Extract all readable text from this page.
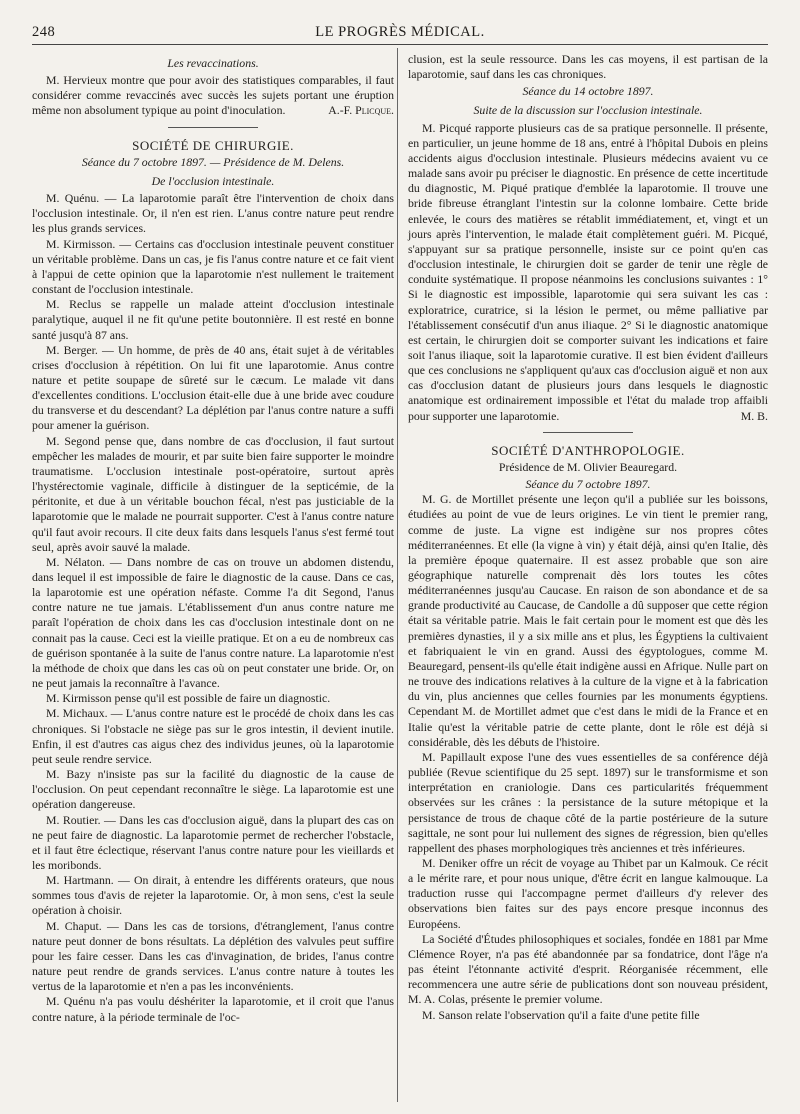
248	LE PROGRÈS MÉDICAL.

Les revaccinations.

M. Hervieux montre que pour avoir des statistiques comparables, il faut considérer comme revaccinés avec succès les sujets portant une éruption même non absolument typique au point d'inoculation.	A.-F. Plicque.

SOCIÉTÉ DE CHIRURGIE.

Séance du 7 octobre 1897. — Présidence de M. Delens.

De l'occlusion intestinale.

M. Quénu. — La laparotomie paraît être l'intervention de choix dans l'occlusion intestinale. Or, il n'en est rien. L'anus contre nature peut rendre les plus grands services.

M. Kirmisson. — Certains cas d'occlusion intestinale peuvent constituer un véritable problème. Dans un cas, je fis l'anus contre nature et ce fait vient à l'appui de cette opinion que la laparotomie n'est nullement le traitement constant de l'occlusion intestinale.

M. Reclus se rappelle un malade atteint d'occlusion intestinale paralytique, auquel il ne fit qu'une petite boutonnière. Il est resté en bonne santé jusqu'à 87 ans.

M. Berger. — Un homme, de près de 40 ans, était sujet à de véritables crises d'occlusion à répétition. On lui fit une laparotomie. Anus contre nature et petite soupape de sûreté sur le cæcum. Le malade vit dans d'excellentes conditions. L'occlusion était-elle due à une bride avec coudure du transverse et du descendant? La déplétion par l'anus contre nature a suffi pour amener la guérison.

M. Segond pense que, dans nombre de cas d'occlusion, il faut surtout empêcher les malades de mourir, et par suite bien faire supporter le moindre traumatisme. L'occlusion intestinale post-opératoire, surtout après l'hystérectomie vaginale, difficile à distinguer de la septicémie, de la péritonite, et due à un véritable bouchon fécal, n'est pas justiciable de la laparotomie que le malade ne pourrait supporter. C'est à l'anus contre nature qu'il faut avoir recours. Il cite deux faits dans lesquels l'anus s'est fermé tout seul, après avoir sauvé la malade.

M. Nélaton. — Dans nombre de cas on trouve un abdomen distendu, dans lequel il est impossible de faire le diagnostic de la cause. Dans ce cas, la laparotomie est une opération néfaste. Comme l'a dit Segond, l'anus contre nature ne tue jamais. L'établissement d'un anus contre nature me paraît l'opération de choix dans les cas d'occlusion intestinale dont on ne connait pas la cause. Ceci est la vieille pratique. Et on a eu de nombreux cas de guérison spontanée à la suite de l'anus contre nature. La laparotomie n'est la méthode de choix que dans les cas où on peut constater une bride. Or, on ne peut jamais la reconnaître à l'avance.

M. Kirmisson pense qu'il est possible de faire un diagnostic.

M. Michaux. — L'anus contre nature est le procédé de choix dans les cas chroniques. Si l'obstacle ne siège pas sur le gros intestin, il devient inutile. Enfin, il est d'autres cas aigus chez des individus jeunes, où la laparotomie peut seule rendre service.

M. Bazy n'insiste pas sur la facilité du diagnostic de la cause de l'occlusion. On peut cependant reconnaître le siège. La laparotomie est une opération dangereuse.

M. Routier. — Dans les cas d'occlusion aiguë, dans la plupart des cas on ne peut faire de diagnostic. La laparotomie permet de rechercher l'obstacle, et il faut être éclectique, réservant l'anus contre nature pour les vieillards et les moribonds.

M. Hartmann. — On dirait, à entendre les différents orateurs, que nous sommes tous d'avis de rejeter la laparotomie. Or, à mon sens, c'est la seule opération à choisir.

M. Chaput. — Dans les cas de torsions, d'étranglement, l'anus contre nature peut donner de bons résultats. La déplétion des valvules peut suffire pour les faire cesser. Dans les cas d'invagination, de brides, l'anus contre nature peut rendre de grands services. L'anus contre nature à toutes les vertus de la laparotomie et n'en a pas les inconvénients.

M. Quénu n'a pas voulu déshériter la laparotomie, et il croit que l'anus contre nature, à la période terminale de l'oc-

clusion, est la seule ressource. Dans les cas moyens, il est partisan de la laparotomie, sauf dans les cas chroniques.

Séance du 14 octobre 1897.

Suite de la discussion sur l'occlusion intestinale.

M. Picqué rapporte plusieurs cas de sa pratique personnelle. Il présente, en particulier, un jeune homme de 18 ans, entré à l'hôpital Dubois en pleins accidents aigus d'occlusion intestinale. Plusieurs médecins avaient vu ce malade sans avoir pu préciser le diagnostic. En présence de cette incertitude du diagnostic, M. Piqué pratique d'emblée la laparotomie. Il trouve une bride fibreuse étranglant l'intestin sur la colonne lombaire. Cette bride enlevée, le cours des matières se rétablit immédiatement, et, vingt et un jours après l'intervention, le malade était complètement guéri. M. Picqué, s'appuyant sur sa pratique personnelle, insiste sur ce point qu'en cas d'occlusion intestinale, le chirurgien doit se garder de tenir une règle de conduite systématique. Il propose néanmoins les conclusions suivantes : 1° Si le diagnostic est impossible, laparotomie qui sera suivant les cas : exploratrice, curatrice, si la lésion le permet, ou même palliative par l'établissement consécutif d'un anus iliaque. 2° Si le diagnostic anatomique est certain, le chirurgien doit se comporter suivant les indications et faire soit l'anus iliaque, soit la laparotomie curative. Il est bien évident d'ailleurs que ces conclusions ne s'appliquent qu'aux cas d'occlusion aiguë et non aux cas d'occlusion datant de plusieurs jours dans lesquels le diagnostic anatomique est ordinairement impossible et l'état du malade trop affaibli pour supporter une laparotomie.	M. B.

SOCIÉTÉ D'ANTHROPOLOGIE.

Présidence de M. Olivier Beauregard.

Séance du 7 octobre 1897.

M. G. de Mortillet présente une leçon qu'il a publiée sur les boissons, étudiées au point de vue de leurs origines. Le vin tient le premier rang, comme de juste. La vigne est indigène sur nos propres côtes méditerranéennes. Et elle (la vigne à vin) y était déjà, ainsi qu'en Italie, dès la première époque quaternaire. Il est assez probable que son aire géographique naturelle comprenait dès lors toutes les côtes méditerranéennes jusqu'au Caucase. En raison de son abondance et de sa grande productivité au Caucase, de Candolle a dû supposer que cette région était sa véritable patrie. Mais le fait certain pour le moment est que dès les premières dynasties, il y a six mille ans et plus, les Égyptiens la cultivaient et fabriquaient le vin en grand. Aussi des égyptologues, comme M. Beauregard, pensent-ils qu'elle était indigène aussi en Afrique. Nulle part on ne trouve des indications relatives à la culture de la vigne et à la fabrication du vin, plus anciennes que celles fournies par les monuments égyptiens. Cependant M. de Mortillet admet que c'est dans le midi de la France et en Italie qu'est la véritable patrie de cette plante, dont le rôle est déjà si considérable, dès les débuts de l'histoire.

M. Papillault expose l'une des vues essentielles de sa conférence déjà publiée (Revue scientifique du 25 sept. 1897) sur le transformisme et son interprétation en craniologie. Dans ces particularités fréquemment observées sur les crânes : la persistance de la suture métopique et la persistance de trous de chaque côté de la partie postérieure de la suture sagittale, ne sont pour lui nullement des signes de régression, bien qu'elles rappellent des phases morphologiques très anciennes et très inférieures.

M. Deniker offre un récit de voyage au Thibet par un Kalmouk. Ce récit a le mérite rare, et pour nous unique, d'être écrit en langue kalmouque. La traduction russe qui l'accompagne permet d'ailleurs d'y relever des observations bien faites sur des pays encore presque inconnus des Européens.

La Société d'Études philosophiques et sociales, fondée en 1881 par Mme Clémence Royer, n'a pas été abandonnée par sa fondatrice, dont l'âge n'a pas éteint l'étonnante activité d'esprit. Réorganisée récemment, elle recommencera une autre série de publications dont son nouveau président, M. A. Colas, présente le premier volume.

M. Sanson relate l'observation qu'il a faite d'une petite fille
